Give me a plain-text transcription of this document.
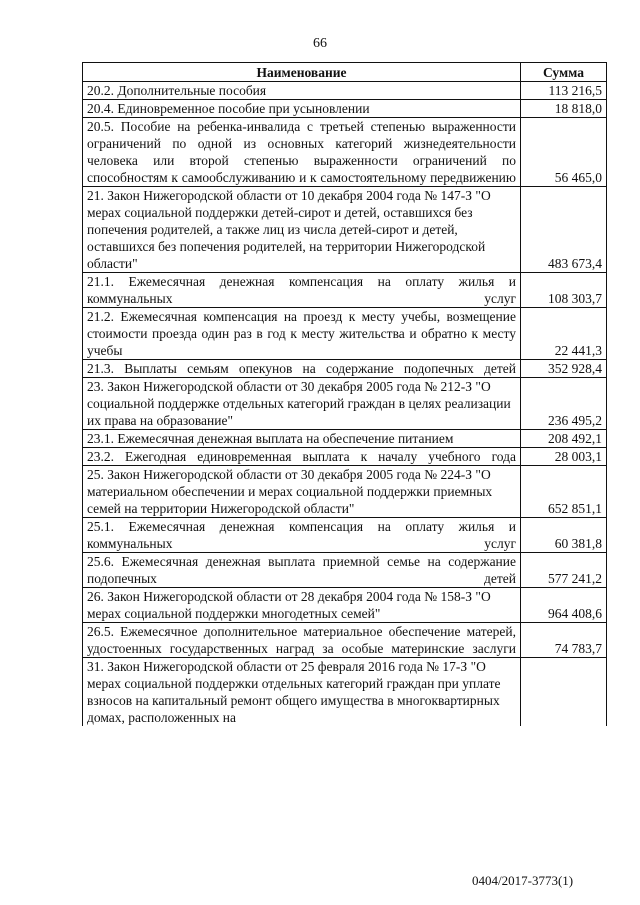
66
Наименование	Сумма
20.2. Дополнительные пособия	113 216,5
20.4. Единовременное пособие при усыновлении	18 818,0
20.5. Пособие на ребенка-инвалида с третьей степенью выраженности ограничений по одной из основных категорий жизнедеятельности человека или второй степенью выраженности ограничений по способностям к самообслуживанию и к самостоятельному передвижению	56 465,0
21. Закон Нижегородской области от 10 декабря 2004 года № 147-З "О мерах социальной поддержки детей-сирот и детей, оставшихся без попечения родителей, а также лиц из числа детей-сирот и детей, оставшихся без попечения родителей, на территории Нижегородской области"	483 673,4
21.1. Ежемесячная денежная компенсация на оплату жилья и коммунальных услуг	108 303,7
21.2. Ежемесячная компенсация на проезд к месту учебы, возмещение стоимости проезда один раз в год к месту жительства и обратно к месту учебы	22 441,3
21.3. Выплаты семьям опекунов на содержание подопечных детей	352 928,4
23. Закон Нижегородской области от 30 декабря 2005 года № 212-З "О социальной поддержке отдельных категорий граждан в целях реализации их права на образование"	236 495,2
23.1. Ежемесячная денежная выплата на обеспечение питанием	208 492,1
23.2. Ежегодная единовременная выплата к началу учебного года	28 003,1
25. Закон Нижегородской области от 30 декабря 2005 года № 224-З "О материальном обеспечении и мерах социальной поддержки приемных семей на территории Нижегородской области"	652 851,1
25.1. Ежемесячная денежная компенсация на оплату жилья и коммунальных услуг	60 381,8
25.6. Ежемесячная денежная выплата приемной семье на содержание подопечных детей	577 241,2
26. Закон Нижегородской области от 28 декабря 2004 года № 158-З "О мерах социальной поддержки многодетных семей"	964 408,6
26.5. Ежемесячное дополнительное материальное обеспечение матерей, удостоенных государственных наград за особые материнские заслуги	74 783,7
31. Закон Нижегородской области от 25 февраля 2016 года № 17-З "О мерах социальной поддержки отдельных категорий граждан при уплате взносов на капитальный ремонт общего имущества в многоквартирных домах, расположенных на	
0404/2017-3773(1)
